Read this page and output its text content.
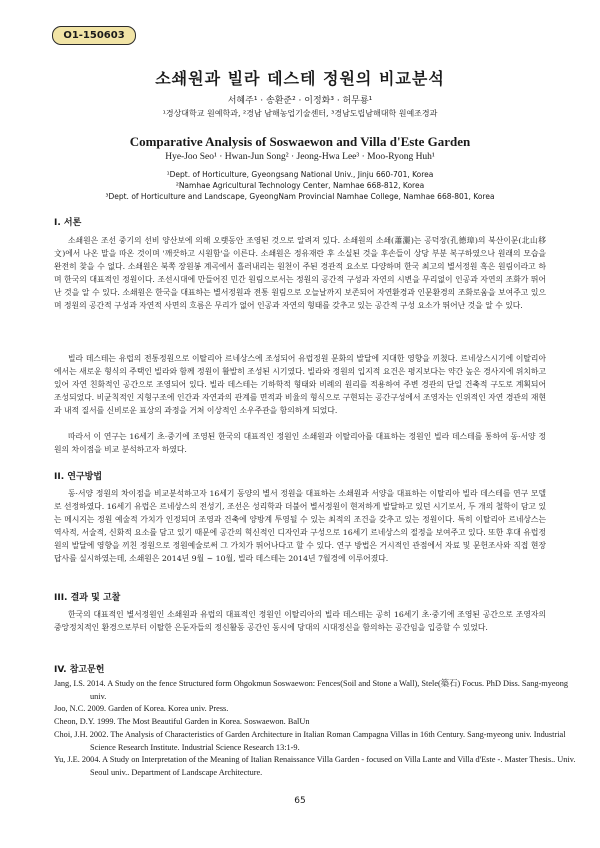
O1-150603
소쇄원과 빌라 데스테 정원의 비교분석
서혜주¹ · 송환준² · 이정화³ · 허무룡¹
¹경상대학교 원예학과, ²경남 남해농업기술센터, ³경남도립남해대학 원예조경과
Comparative Analysis of Soswaewon and Villa d'Este Garden
Hye-Joo Seo¹ · Hwan-Jun Song² · Jeong-Hwa Lee³ · Moo-Ryong Huh¹
¹Dept. of Horticulture, Gyeongsang National Univ., Jinju 660-701, Korea
²Namhae Agricultural Technology Center, Namhae 668-812, Korea
³Dept. of Horticulture and Landscape, GyeongNam Provincial Namhae College, Namhae 668-801, Korea
I. 서론

소쇄원은 조선 중기의 선비 양산보에 의해 오랫동안 조영된 것으로 알려져 있다. 소쇄원의 소쇄(蕭灑)는 공덕장(孔德璋)의 북산이문(北山移文)에서 나온 말을 따온 것이며 '깨끗하고 시원함'을 이른다. 소쇄원은 정유재란 후 소실된 것을 후손들이 상당 부분 복구하였으나 원래의 모습을 완전히 찾을 수 없다. 소쇄원은 북쪽 장원봉 계곡에서 흘러내리는 원천이 주된 경관적 요소로 다양하며 한국 최고의 별서정원 혹은 원림이라고 하며 한국의 대표적인 정원이다. 조선시대에 만들어진 민간 원림으로서는 정원의 공간적 구성과 자연의 시변을 무리없이 인공과 자연의 조화가 뛰어난 것을 알 수 있다. 소쇄원은 한국을 대표하는 별서정원과 전통 원림으로 오늘날까지 보존되어 자연환경과 인문환경의 조화로움을 보여주고 있으며 정원의 공간적 구성과 자연적 사면의 흐름은 무리가 없어 인공과 자연의 형태를 갖추고 있는 공간적 구성 요소가 뛰어난 것을 알 수 있다.

빌라 데스테는 유럽의 전통정원으로 이탈리아 르네상스에 조성되어 유럽정원 문화의 발달에 지대한 영향을 끼쳤다. 르네상스시기에 이탈리아에서는 새로운 형식의 주택인 빌라와 함께 정원이 활발히 조성된 시기였다. 빌라와 정원의 입지적 요건은 평지보다는 약간 높은 경사지에 위치하고 있어 자연 친화적인 공간으로 조영되어 있다. 빌라 데스테는 기하학적 형태와 비례의 원리를 적용하여 주변 경관의 단일 건축적 구도로 계획되어 조성되었다. 비균칙적인 지형구조에 인간과 자연과의 관계를 면적과 비율의 형식으로 구현되는 공간구성에서 조영자는 인위적인 자연 경관의 재현과 내적 질서를 신비로운 표상의 과정을 거쳐 이상적인 소우주관을 함의하게 되었다.

따라서 이 연구는 16세기 초·중기에 조영된 한국의 대표적인 정원인 소쇄원과 이탈리아를 대표하는 정원인 빌라 데스테를 통하여 동·서양 정원의 차이점을 비교 분석하고자 하였다.

II. 연구방법

동·서양 정원의 차이점을 비교분석하고자 16세기 동양의 별서 정원을 대표하는 소쇄원과 서양을 대표하는 이탈리아 빌라 데스테를 연구 모델로 선정하였다. 16세기 유럽은 르네상스의 전성기, 조선은 성리학과 더불어 별서정원이 현저하게 발달하고 있던 시기로서, 두 개의 철학이 담고 있는 메시지는 정원 예술적 가치가 인정되며 조영과 건축에 양방계 투영될 수 있는 최적의 조건을 갖추고 있는 정원이다. 특히 이탈리아 르네상스는 역사적, 서술적, 신화적 요소를 담고 있기 때문에 공간의 혁신적인 디자인과 구성으로 16세기 르네상스의 절정을 보여주고 있다. 또한 후대 유럽정원의 발달에 영향을 끼친 정원으로 정원예술로써 그 가치가 뛰어나다고 할 수 있다. 연구 방법은 거시적인 관점에서 자료 및 문헌조사와 직접 현장답사를 실시하였는데, 소쇄원은 2014년 9월 ~ 10월, 빌라 데스테는 2014년 7월경에 이루어졌다.

III. 결과 및 고찰

한국의 대표적인 별서정원인 소쇄원과 유럽의 대표적인 정원인 이탈리아의 빌라 데스테는 공히 16세기 초·중기에 조영된 공간으로 조영자의 중앙정치적인 환경으로부터 이탈한 은둔자들의 정신활동 공간인 동시에 당대의 시대정신을 함의하는 공간임을 입증할 수 있었다.

IV. 참고문헌

Jang, I.S. 2014. A Study on the fence Structured form Ohgokmun Soswaewon: Fences(Soil and Stone a Wall), Stele(築石) Focus. PhD Diss. Sang-myeong univ.

Joo, N.C. 2009. Garden of Korea. Korea univ. Press.

Cheon, D.Y. 1999. The Most Beautiful Garden in Korea. Soswaewon. BalUn

Choi, J.H. 2002. The Analysis of Characteristics of Garden Architecture in Italian Roman Campagna Villas in 16th Century. Sang-myeong univ. Industrial Science Research Institute. Industrial Science Research 13:1-9.

Yu, J.E. 2004. A Study on Interpretation of the Meaning of Italian Renaissance Villa Garden - focused on Villa Lante and Villa d'Este -. Master Thesis.. Univ. Seoul univ.. Department of Landscape Architecture.

65
